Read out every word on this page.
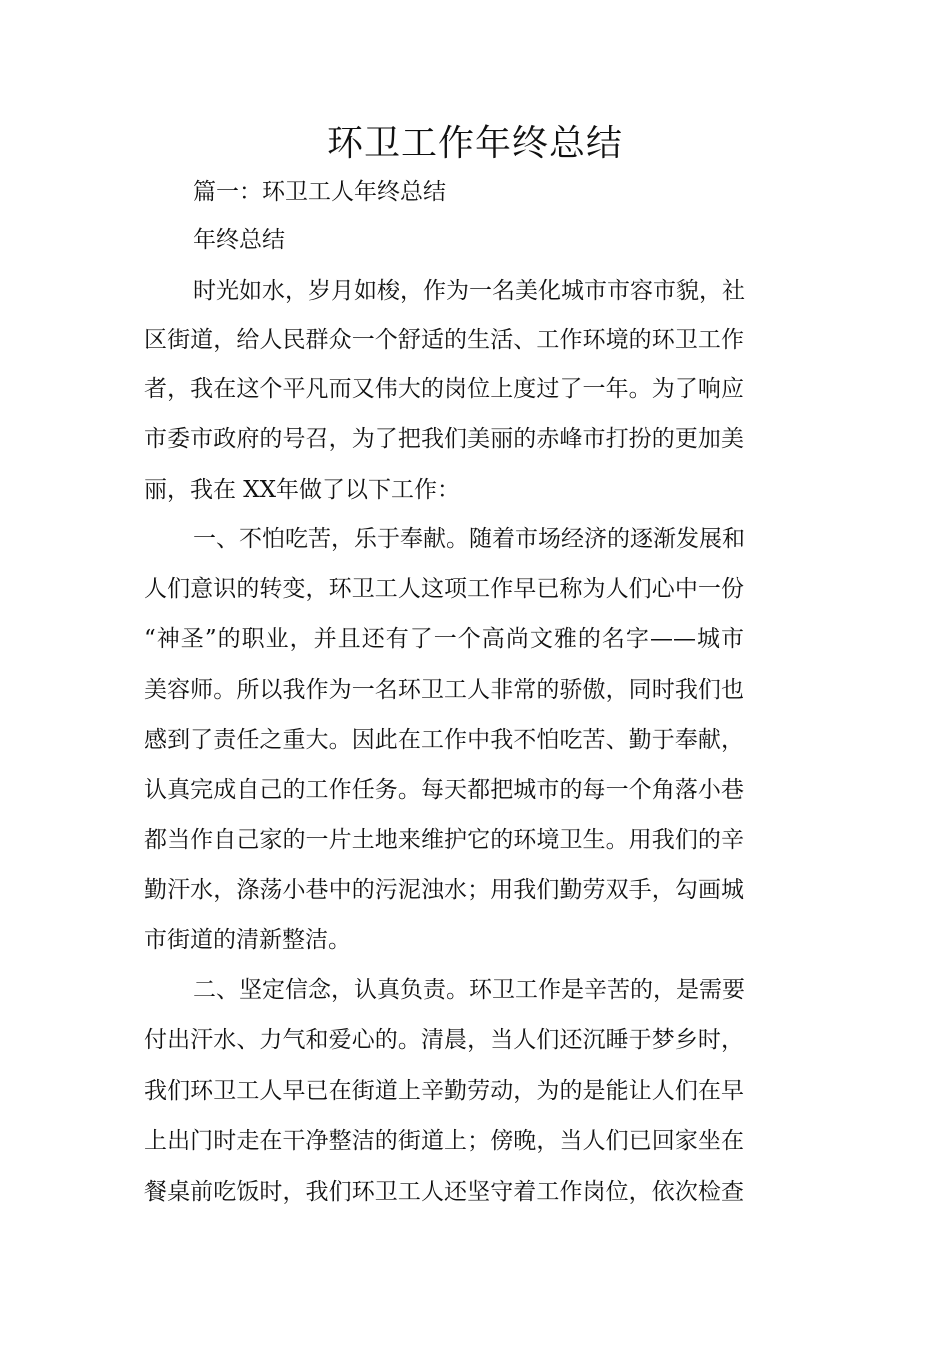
环卫工作年终总结

篇一：环卫工人年终总结

年终总结

时光如水，岁月如梭，作为一名美化城市市容市貌，社

区街道，给人民群众一个舒适的生活、工作环境的环卫工作

者，我在这个平凡而又伟大的岗位上度过了一年。为了响应

市委市政府的号召，为了把我们美丽的赤峰市打扮的更加美

丽，我在 XX年做了以下工作：

一、不怕吃苦，乐于奉献。随着市场经济的逐渐发展和

人们意识的转变，环卫工人这项工作早已称为人们心中一份

“神圣”的职业，并且还有了一个高尚文雅的名字——城市

美容师。所以我作为一名环卫工人非常的骄傲，同时我们也

感到了责任之重大。因此在工作中我不怕吃苦、勤于奉献，

认真完成自己的工作任务。每天都把城市的每一个角落小巷

都当作自己家的一片土地来维护它的环境卫生。用我们的辛

勤汗水，涤荡小巷中的污泥浊水；用我们勤劳双手，勾画城

市街道的清新整洁。

二、坚定信念，认真负责。环卫工作是辛苦的，是需要

付出汗水、力气和爱心的。清晨，当人们还沉睡于梦乡时，

我们环卫工人早已在街道上辛勤劳动，为的是能让人们在早

上出门时走在干净整洁的街道上；傍晚，当人们已回家坐在

餐桌前吃饭时，我们环卫工人还坚守着工作岗位，依次检查
